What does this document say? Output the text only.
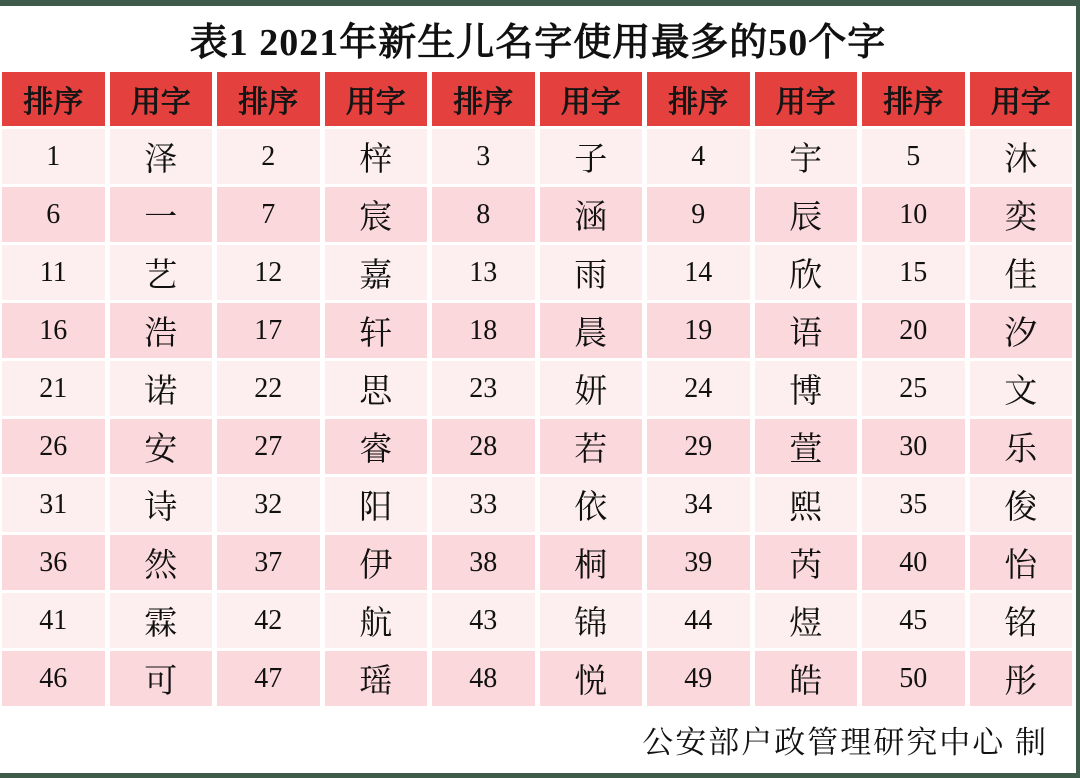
表1 2021年新生儿名字使用最多的50个字
排序	用字	排序	用字	排序	用字	排序	用字	排序	用字
1	泽	2	梓	3	子	4	宇	5	沐
6	一	7	宸	8	涵	9	辰	10	奕
11	艺	12	嘉	13	雨	14	欣	15	佳
16	浩	17	轩	18	晨	19	语	20	汐
21	诺	22	思	23	妍	24	博	25	文
26	安	27	睿	28	若	29	萱	30	乐
31	诗	32	阳	33	依	34	熙	35	俊
36	然	37	伊	38	桐	39	芮	40	怡
41	霖	42	航	43	锦	44	煜	45	铭
46	可	47	瑶	48	悦	49	皓	50	彤
公安部户政管理研究中心 制
